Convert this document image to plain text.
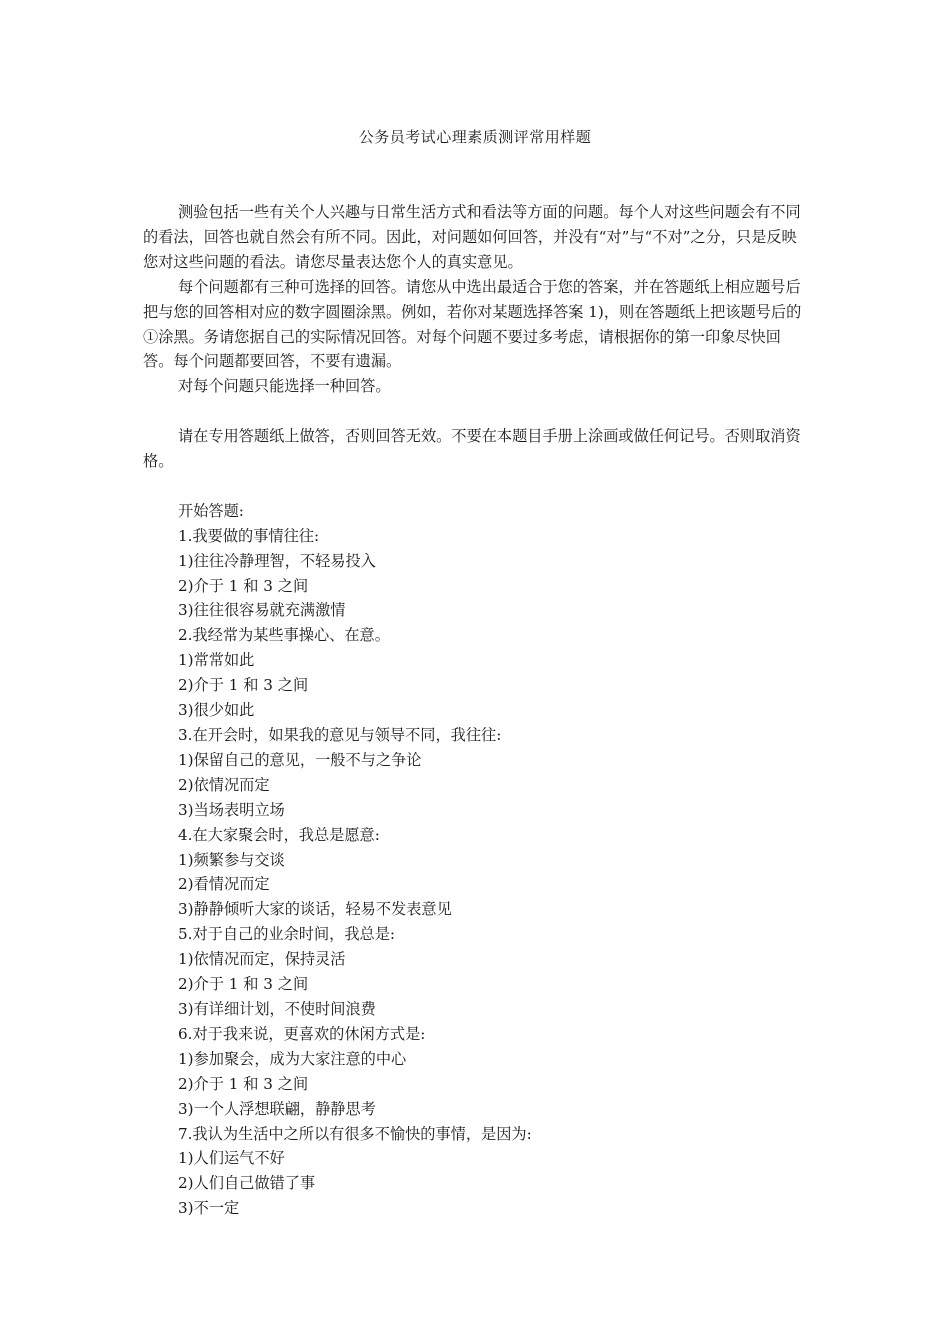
公务员考试心理素质测评常用样题

测验包括一些有关个人兴趣与日常生活方式和看法等方面的问题。每个人对这些问题会有不同的看法，回答也就自然会有所不同。因此，对问题如何回答，并没有“对”与“不对”之分，只是反映您对这些问题的看法。请您尽量表达您个人的真实意见。

每个问题都有三种可选择的回答。请您从中选出最适合于您的答案，并在答题纸上相应题号后把与您的回答相对应的数字圆圈涂黑。例如，若你对某题选择答案 1)，则在答题纸上把该题号后的①涂黑。务请您据自己的实际情况回答。对每个问题不要过多考虑，请根据你的第一印象尽快回答。每个问题都要回答，不要有遗漏。

对每个问题只能选择一种回答。

请在专用答题纸上做答，否则回答无效。不要在本题目手册上涂画或做任何记号。否则取消资格。

开始答题:

1.我要做的事情往往:

1)往往冷静理智，不轻易投入

2)介于 1 和 3 之间

3)往往很容易就充满激情

2.我经常为某些事操心、在意。

1)常常如此

2)介于 1 和 3 之间

3)很少如此

3.在开会时，如果我的意见与领导不同，我往往:

1)保留自己的意见，一般不与之争论

2)依情况而定

3)当场表明立场

4.在大家聚会时，我总是愿意:

1)频繁参与交谈

2)看情况而定

3)静静倾听大家的谈话，轻易不发表意见

5.对于自己的业余时间，我总是:

1)依情况而定，保持灵活

2)介于 1 和 3 之间

3)有详细计划，不使时间浪费

6.对于我来说，更喜欢的休闲方式是:

1)参加聚会，成为大家注意的中心

2)介于 1 和 3 之间

3)一个人浮想联翩，静静思考

7.我认为生活中之所以有很多不愉快的事情，是因为:

1)人们运气不好

2)人们自己做错了事

3)不一定
